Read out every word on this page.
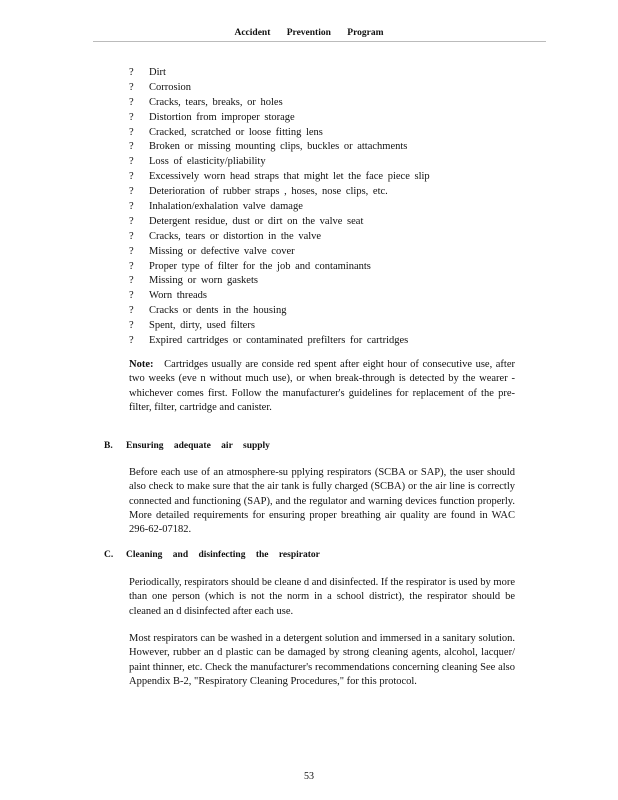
Accident Prevention Program
?	Dirt
?	Corrosion
?	Cracks, tears, breaks, or holes
?	Distortion from improper storage
?	Cracked, scratched or loose fitting lens
?	Broken or missing mounting clips, buckles or attachments
?	Loss of elasticity/pliability
?	Excessively worn head straps that might let the face piece slip
?	Deterioration of rubber straps , hoses, nose clips, etc.
?	Inhalation/exhalation valve damage
?	Detergent residue, dust or dirt on the valve seat
?	Cracks, tears or distortion in the valve
?	Missing or defective valve cover
?	Proper type of filter for the job and contaminants
?	Missing or worn gaskets
?	Worn threads
?	Cracks or dents in the housing
?	Spent, dirty, used filters
?	Expired cartridges or contaminated prefilters for cartridges

Note: Cartridges usually are conside red spent after eight hour of consecutive use, after two weeks (eve n without much use), or when break-through is detected by the wearer - whichever comes first. Follow the manufacturer's guidelines for replacement of the pre-filter, filter, cartridge and canister.

B. Ensuring adequate air supply

Before each use of an atmosphere-su pplying respirators (SCBA or SAP), the user should also check to make sure that the air tank is fully charged (SCBA) or the air line is correctly connected and functioning (SAP), and the regulator and warning devices function properly. More detailed requirements for ensuring proper breathing air quality are found in WAC 296-62-07182.

C. Cleaning and disinfecting the respirator

Periodically, respirators should be cleane d and disinfected. If the respirator is used by more than one person (which is not the norm in a school district), the respirator should be cleaned an d disinfected after each use.

Most respirators can be washed in a detergent solution and immersed in a sanitary solution. However, rubber an d plastic can be damaged by strong cleaning agents, alcohol, lacquer/ paint thinner, etc. Check the manufacturer's recommendations concerning cleaning See also Appendix B-2, "Respiratory Cleaning Procedures," for this protocol.

53
